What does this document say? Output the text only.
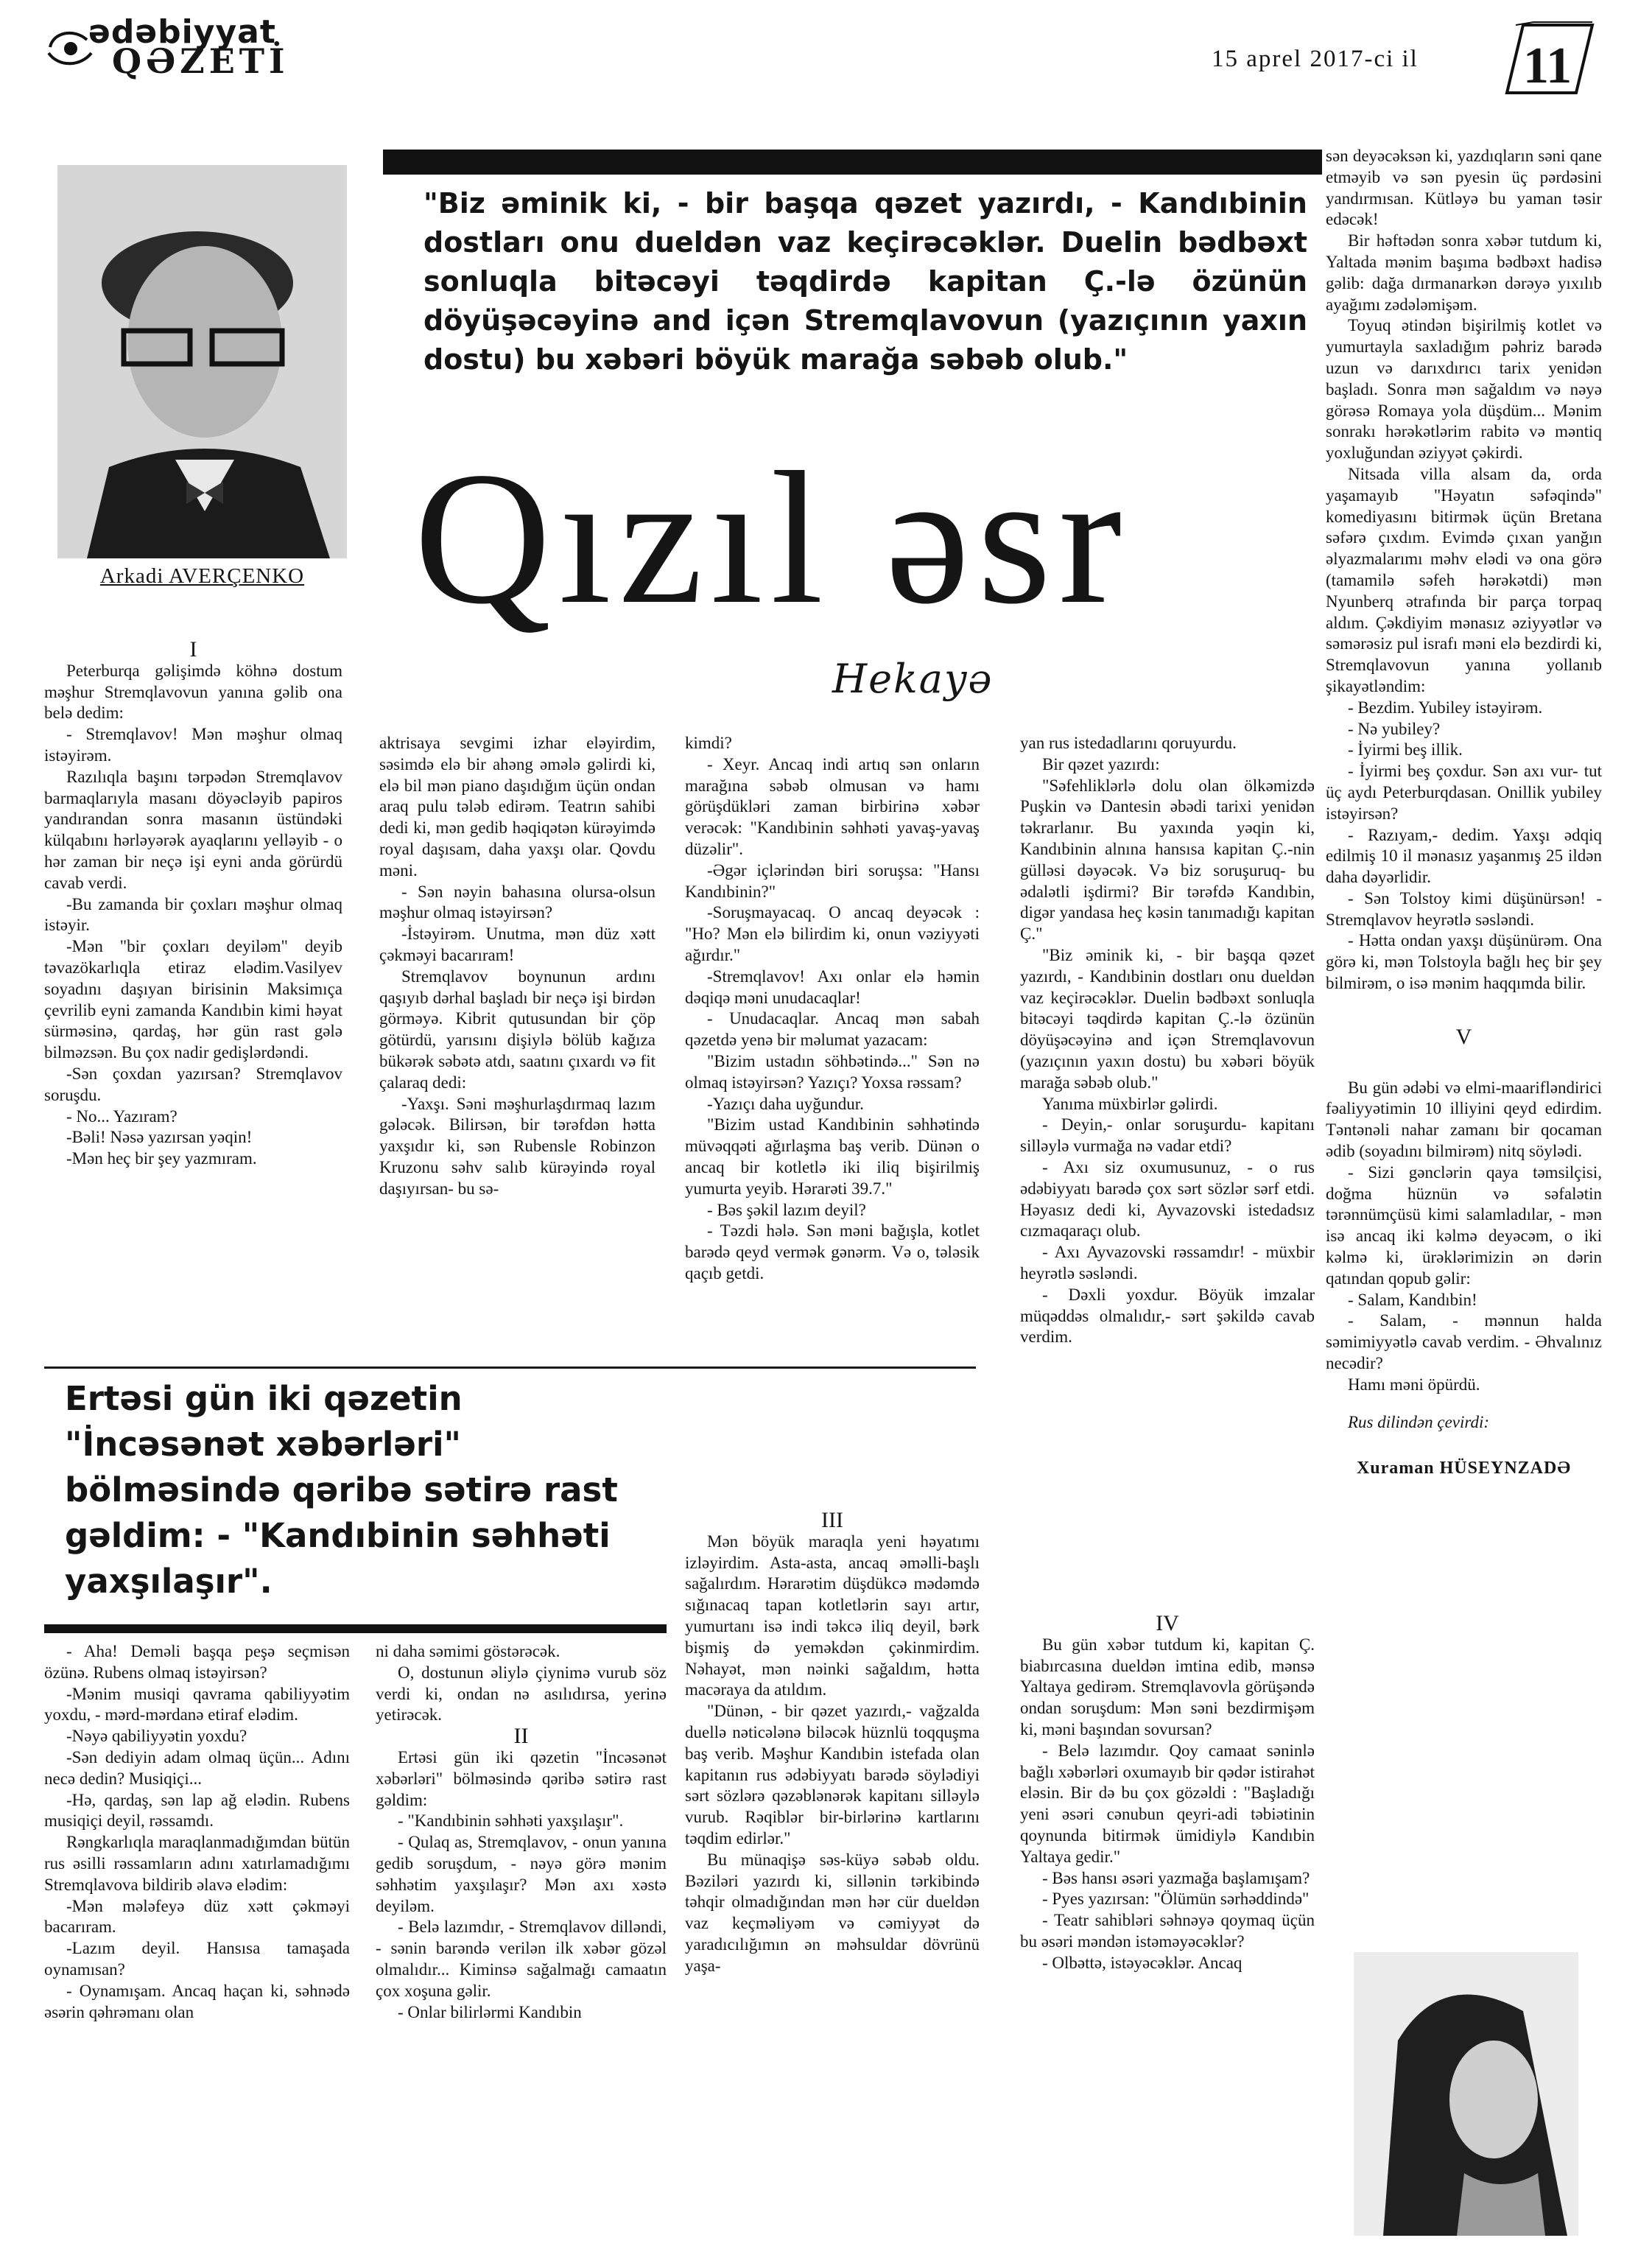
ədəbiyyat
QƏZETİ	15 aprel 2017-ci il 11
Arkadi AVERÇENKO
"Biz əminik ki, - bir başqa qəzet yazırdı, - Kandıbinin dostları onu dueldən vaz keçirəcəklər. Duelin bədbəxt sonluqla bitəcəyi təqdirdə kapitan Ç.-lə özünün döyüşəcəyinə and içən Stremqlavovun (yazıçının yaxın dostu) bu xəbəri böyük marağa səbəb olub."
Qızıl əsr
Hekayə

I

Peterburqa gəlişimdə köhnə dostum məşhur Stremqlavovun yanına gəlib ona belə dedim:

- Stremqlavov! Mən məşhur olmaq istəyirəm.

Razılıqla başını tərpədən Stremqlavov barmaqlarıyla masanı döyəcləyib papiros yandırandan sonra masanın üstündəki külqabını hərləyərək ayaqlarını yelləyib - o hər zaman bir neçə işi eyni anda görürdü cavab verdi.

-Bu zamanda bir çoxları məşhur olmaq istəyir.

-Mən "bir çoxları deyiləm" deyib təvazökarlıqla etiraz elədim.Vasilyev soyadını daşıyan birisinin Maksimıça çevrilib eyni zamanda Kandıbin kimi həyat sürməsinə, qardaş, hər gün rast gələ bilməzsən. Bu çox nadir gedişlərdəndi.

-Sən çoxdan yazırsan? Stremqlavov soruşdu.

- No... Yazıram?

-Bəli! Nəsə yazırsan yəqin!

-Mən heç bir şey yazmıram.

aktrisaya sevgimi izhar eləyirdim, səsimdə elə bir ahəng əmələ gəlirdi ki, elə bil mən piano daşıdığım üçün ondan araq pulu tələb edirəm. Teatrın sahibi dedi ki, mən gedib həqiqətən kürəyimdə royal daşısam, daha yaxşı olar. Qovdu məni.

- Sən nəyin bahasına olursa-olsun məşhur olmaq istəyirsən?

-İstəyirəm. Unutma, mən düz xətt çəkməyi bacarıram!

Stremqlavov boynunun ardını qaşıyıb dərhal başladı bir neçə işi birdən görməyə. Kibrit qutusundan bir çöp götürdü, yarısını dişiylə bölüb kağıza bükərək səbətə atdı, saatını çıxardı və fit çalaraq dedi:

-Yaxşı. Səni məşhurlaşdırmaq lazım gələcək. Bilirsən, bir tərəfdən hətta yaxşıdır ki, sən Rubensle Robinzon Kruzonu səhv salıb kürəyində royal daşıyırsan- bu sə-

kimdi?

- Xeyr. Ancaq indi artıq sən onların marağına səbəb olmusan və hamı görüşdükləri zaman birbirinə xəbər verəcək: "Kandıbinin səhhəti yavaş-yavaş düzəlir".

-Əgər içlərindən biri soruşsa: "Hansı Kandıbinin?"

-Soruşmayacaq. O ancaq deyəcək : "Ho? Mən elə bilirdim ki, onun vəziyyəti ağırdır."

-Stremqlavov! Axı onlar elə həmin dəqiqə məni unudacaqlar!

- Unudacaqlar. Ancaq mən sabah qəzetdə yenə bir məlumat yazacam:

"Bizim ustadın söhbətində..." Sən nə olmaq istəyirsən? Yazıçı? Yoxsa rəssam?

-Yazıçı daha uyğundur.

"Bizim ustad Kandıbinin səhhətində müvəqqəti ağırlaşma baş verib. Dünən o ancaq bir kotletlə iki iliq bişirilmiş yumurta yeyib. Hərarəti 39.7."

- Bəs şəkil lazım deyil?

- Təzdi hələ. Sən məni bağışla, kotlet barədə qeyd vermək gənərm. Və o, tələsik qaçıb getdi.

yan rus istedadlarını qoruyurdu.

Bir qəzet yazırdı:

"Səfehliklərlə dolu olan ölkəmizdə Puşkin və Dantesin əbədi tarixi yenidən təkrarlanır. Bu yaxında yəqin ki, Kandıbinin alnına hansısa kapitan Ç.-nin gülləsi dəyəcək. Və biz soruşuruq- bu ədalətli işdirmi? Bir tərəfdə Kandıbin, digər yandasa heç kəsin tanımadığı kapitan Ç."

"Biz əminik ki, - bir başqa qəzet yazırdı, - Kandıbinin dostları onu dueldən vaz keçirəcəklər. Duelin bədbəxt sonluqla bitəcəyi təqdirdə kapitan Ç.-lə özünün döyüşəcəyinə and içən Stremqlavovun (yazıçının yaxın dostu) bu xəbəri böyük marağa səbəb olub."

Yanıma müxbirlər gəlirdi.

- Deyin,- onlar soruşurdu- kapitanı silləylə vurmağa nə vadar etdi?

- Axı siz oxumusunuz, - o rus ədəbiyyatı barədə çox sərt sözlər sərf etdi. Həyasız dedi ki, Ayvazovski istedadsız cızmaqaraçı olub.

- Axı Ayvazovski rəssamdır! - müxbir heyrətlə səsləndi.

- Dəxli yoxdur. Böyük imzalar müqəddəs olmalıdır,- sərt şəkildə cavab verdim.

sən deyəcəksən ki, yazdıqların səni qane etməyib və sən pyesin üç pərdəsini yandırmısan. Kütləyə bu yaman təsir edəcək!

Bir həftədən sonra xəbər tutdum ki, Yaltada mənim başıma bədbəxt hadisə gəlib: dağa dırmanarkən dərəyə yıxılıb ayağımı zədələmişəm.

Toyuq ətindən bişirilmiş kotlet və yumurtayla saxladığım pəhriz barədə uzun və darıxdırıcı tarix yenidən başladı. Sonra mən sağaldım və nəyə görəsə Romaya yola düşdüm... Mənim sonrakı hərəkətlərim rabitə və məntiq yoxluğundan əziyyət çəkirdi.

Nitsada villa alsam da, ordа yaşamayıb "Həyatın səfəqində" komediyasını bitirmək üçün Bretana səfərə çıxdım. Evimdə çıxan yanğın əlyazmalarımı məhv elədi və ona görə (tamamilə səfeh hərəkətdi) mən Nyunberq ətrafında bir parça torpaq aldım. Çəkdiyim mənasız əziyyətlər və səmərəsiz pul israfı məni elə bezdirdi ki, Stremqlavovun yanına yollanıb şikayətləndim:

- Bezdim. Yubiley istəyirəm.

- Nə yubiley?

- İyirmi beş illik.

- İyirmi beş çoxdur. Sən axı vur- tut üç aydı Peterburqdasan. Onillik yubiley istəyirsən?

- Razıyam,- dedim. Yaxşı ədqiq edilmiş 10 il mənasız yaşanmış 25 ildən daha dəyərlidir.

- Sən Tolstoy kimi düşünürsən! - Stremqlavov heyrətlə səsləndi.

- Hətta ondan yaxşı düşünürəm. Ona görə ki, mən Tolstoyla bağlı heç bir şey bilmirəm, o isə mənim haqqımda bilir.

V

Bu gün ədəbi və elmi-maarifləndirici fəaliyyətimin 10 illiyini qeyd edirdim. Təntənəli nahar zamanı bir qocaman ədib (soyadını bilmirəm) nitq söylədi.

- Sizi gənclərin qaya təmsilçisi, doğma hüznün və səfalətin tərənnümçüsü kimi salamladılar, - mən isə ancaq iki kəlmə deyəcəm, o iki kəlmə ki, ürəklərimizin ən dərin qatından qopub gəlir:

- Salam, Kandıbin!

- Salam, - mənnun halda səmimiyyətlə cavab verdim. - Əhvalınız necədir?

Hamı məni öpürdü.

Rus dilindən çevirdi:

Xuraman HÜSEYNZADƏ

Ertəsi gün iki qəzetin "İncəsənət xəbərləri" bölməsində qəribə sətirə rast gəldim: - "Kandıbinin səhhəti yaxşılaşır".

- Aha! Deməli başqa peşə seçmisən özünə. Rubens olmaq istəyirsən?

-Mənim musiqi qavrama qabiliyyətim yoxdu, - mərd-mərdanə etiraf elədim.

-Nəyə qabiliyyətin yoxdu?

-Sən dediyin adam olmaq üçün... Adını necə dedin? Musiqiçi...

-Hə, qardaş, sən lap ağ elədin. Rubens musiqiçi deyil, rəssamdı.

Rəngkarlıqla maraqlanmadığımdan bütün rus əsilli rəssamların adını xatırlamadığımı Stremqlavova bildirib əlavə elədim:

-Mən mələfeyə düz xətt çəkməyi bacarıram.

-Lazım deyil. Hansısa tamaşada oynamısan?

- Oynamışam. Ancaq haçan ki, səhnədə əsərin qəhrəmanı olan

ni daha səmimi göstərəcək.

O, dostunun əliylə çiynimə vurub söz verdi ki, ondan nə asılıdırsa, yerinə yetirəcək.

II

Ertəsi gün iki qəzetin "İncəsənət xəbərləri" bölməsində qəribə sətirə rast gəldim:

- "Kandıbinin səhhəti yaxşılaşır".

- Qulaq as, Stremqlavov, - onun yanına gedib soruşdum, - nəyə görə mənim səhhətim yaxşılaşır? Mən axı xəstə deyiləm.

- Belə lazımdır, - Stremqlavov dilləndi, - sənin barəndə verilən ilk xəbər gözəl olmalıdır... Kiminsə sağalmağı camaatın çox xoşuna gəlir.

- Onlar bilirlərmi Kandıbin

III

Mən böyük maraqla yeni həyatımı izləyirdim. Asta-asta, ancaq əməlli-başlı sağalırdım. Hərarətim düşdükcə mədəmdə sığınacaq tapan kotletlərin sayı artır, yumurtanı isə indi təkcə iliq deyil, bərk bişmiş də yeməkdən çəkinmirdim. Nəhayət, mən nəinki sağaldım, hətta macəraya da atıldım.

"Dünən, - bir qəzet yazırdı,- vağzalda duellə nəticələnə biləcək hüznlü toqquşma baş verib. Məşhur Kandıbin istefada olan kapitanın rus ədəbiyyatı barədə söylədiyi sərt sözlərə qəzəblənərək kapitanı silləylə vurub. Rəqiblər bir-birlərinə kartlarını təqdim edirlər."

Bu münaqişə səs-küyə səbəb oldu. Bəziləri yazırdı ki, sillənin tərkibində təhqir olmadığından mən hər cür dueldən vaz keçməliyəm və cəmiyyət də yaradıcılığımın ən məhsuldar dövrünü yaşa-

IV

Bu gün xəbər tutdum ki, kapitan Ç. biabırcasına dueldən imtina edib, mənsə Yaltaya gedirəm. Stremqlavovla görüşəndə ondan soruşdum: Mən səni bezdirmişəm ki, məni başından sovursan?

- Belə lazımdır. Qoy camaat səninlə bağlı xəbərləri oxumayıb bir qədər istirahət eləsin. Bir də bu çox gözəldi : "Başladığı yeni əsəri cənubun qeyri-adi təbiətinin qoynunda bitirmək ümidiylə Kandıbin Yaltaya gedir."

- Bəs hansı əsəri yazmağa başlamışam?

- Pyes yazırsan: "Ölümün sərhəddində"

- Teatr sahibləri səhnəyə qoymaq üçün bu əsəri məndən istəməyəcəklər?

- Olbəttə, istəyəcəklər. Ancaq
